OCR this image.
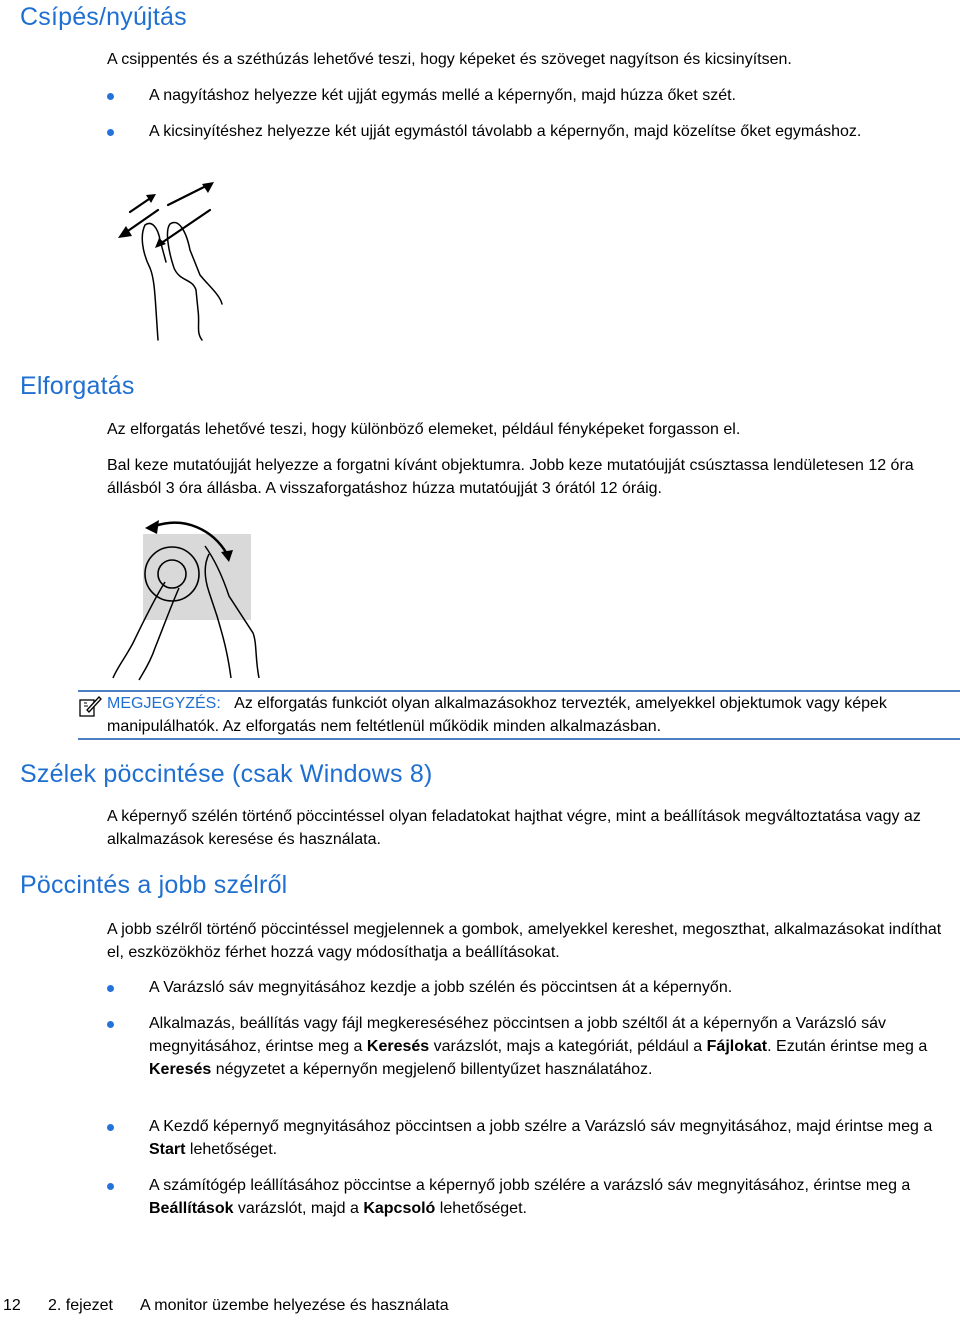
Csípés/nyújtás

A csippentés és a széthúzás lehetővé teszi, hogy képeket és szöveget nagyítson és kicsinyítsen.

A nagyításhoz helyezze két ujját egymás mellé a képernyőn, majd húzza őket szét.
A kicsinyítéshez helyezze két ujját egymástól távolabb a képernyőn, majd közelítse őket egymáshoz.
Elforgatás

Az elforgatás lehetővé teszi, hogy különböző elemeket, például fényképeket forgasson el.

Bal keze mutatóujját helyezze a forgatni kívánt objektumra. Jobb keze mutatóujját csúsztassa lendületesen 12 óra állásból 3 óra állásba. A visszaforgatáshoz húzza mutatóujját 3 órától 12 óráig.

MEGJEGYZÉS: Az elforgatás funkciót olyan alkalmazásokhoz tervezték, amelyekkel objektumok vagy képek manipulálhatók. Az elforgatás nem feltétlenül működik minden alkalmazásban.
Szélek pöccintése (csak Windows 8)

A képernyő szélén történő pöccintéssel olyan feladatokat hajthat végre, mint a beállítások megváltoztatása vagy az alkalmazások keresése és használata.

Pöccintés a jobb szélről

A jobb szélről történő pöccintéssel megjelennek a gombok, amelyekkel kereshet, megoszthat, alkalmazásokat indíthat el, eszközökhöz férhet hozzá vagy módosíthatja a beállításokat.

A Varázsló sáv megnyitásához kezdje a jobb szélén és pöccintsen át a képernyőn.
Alkalmazás, beállítás vagy fájl megkereséséhez pöccintsen a jobb széltől át a képernyőn a Varázsló sáv megnyitásához, érintse meg a Keresés varázslót, majs a kategóriát, például a Fájlokat. Ezután érintse meg a Keresés négyzetet a képernyőn megjelenő billentyűzet használatához.
A Kezdő képernyő megnyitásához pöccintsen a jobb szélre a Varázsló sáv megnyitásához, majd érintse meg a Start lehetőséget.
A számítógép leállításához pöccintse a képernyő jobb szélére a varázsló sáv megnyitásához, érintse meg a Beállítások varázslót, majd a Kapcsoló lehetőséget.
12 2. fejezet A monitor üzembe helyezése és használata
